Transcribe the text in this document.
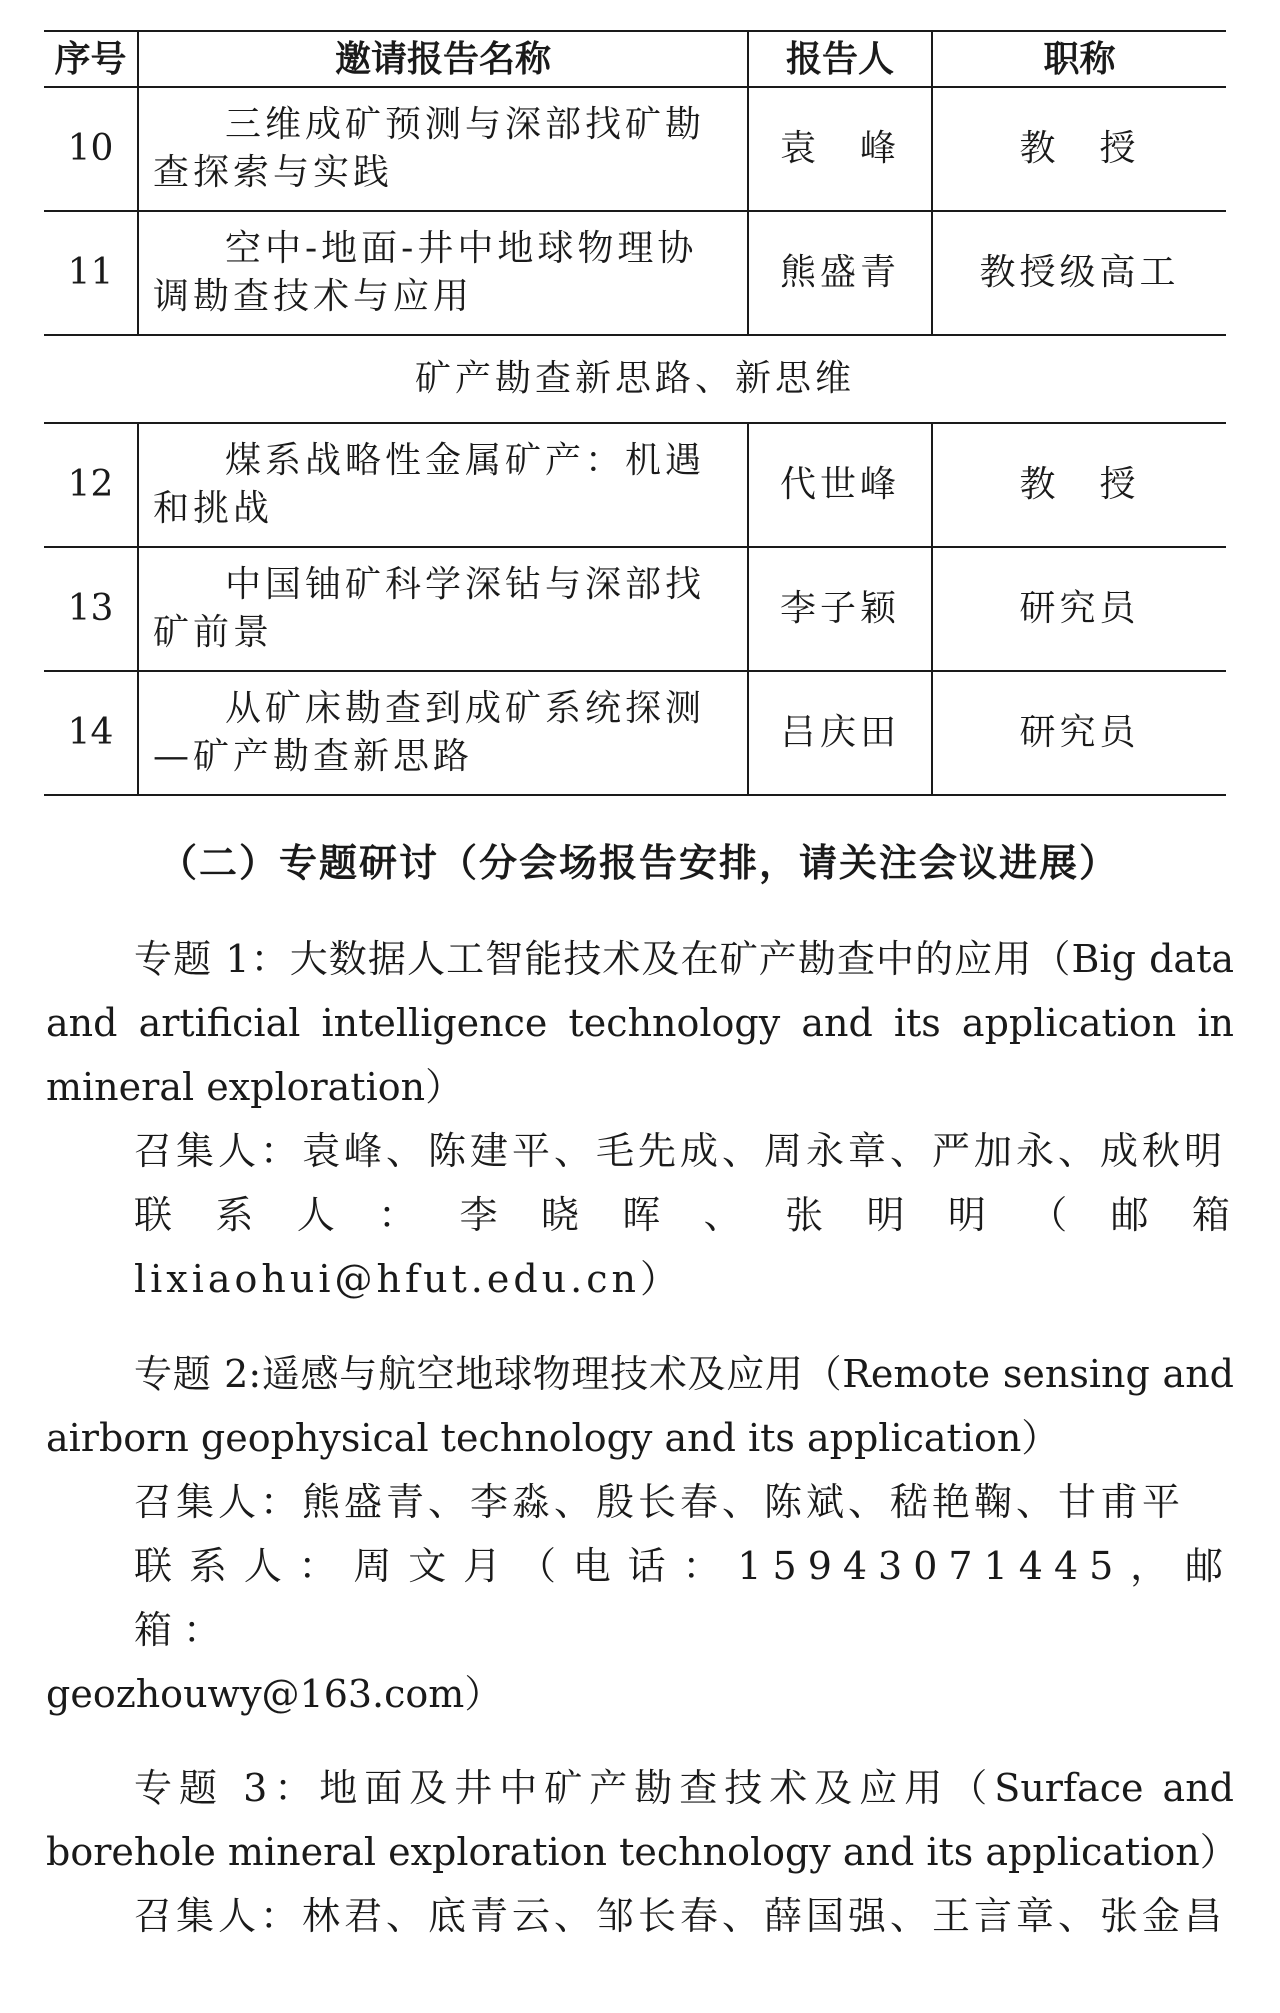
序号	邀请报告名称	报告人	职称
10	三维成矿预测与深部找矿勘查探索与实践	袁　峰	教　授
11	空中-地面-井中地球物理协调勘查技术与应用	熊盛青	教授级高工
矿产勘查新思路、新思维			
12	煤系战略性金属矿产：机遇和挑战	代世峰	教　授
13	中国铀矿科学深钻与深部找矿前景	李子颖	研究员
14	从矿床勘查到成矿系统探测—矿产勘查新思路	吕庆田	研究员
（二）专题研讨（分会场报告安排，请关注会议进展）

专题 1：大数据人工智能技术及在矿产勘查中的应用（Big data and artificial intelligence technology and its application in mineral exploration）

召集人：袁峰、陈建平、毛先成、周永章、严加永、成秋明

联系人：李晓晖、张明明（邮箱 lixiaohui@hfut.edu.cn）

专题 2:遥感与航空地球物理技术及应用（Remote sensing and airborn geophysical technology and its application）

召集人：熊盛青、李淼、殷长春、陈斌、嵇艳鞠、甘甫平

联系人：周文月（电话：15943071445，邮箱：

geozhouwy@163.com）

专题 3：地面及井中矿产勘查技术及应用（Surface and borehole mineral exploration technology and its application）

召集人：林君、底青云、邹长春、薛国强、王言章、张金昌
